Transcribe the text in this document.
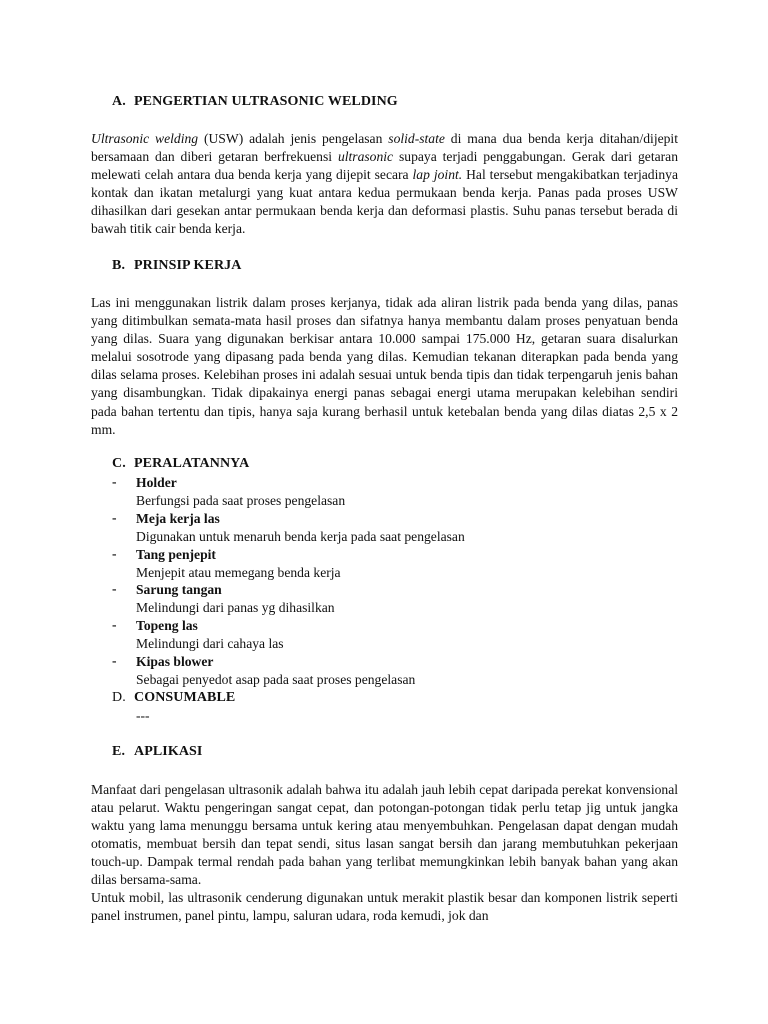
A. PENGERTIAN ULTRASONIC WELDING

Ultrasonic welding (USW) adalah jenis pengelasan solid-state di mana dua benda kerja ditahan/dijepit bersamaan dan diberi getaran berfrekuensi ultrasonic supaya terjadi penggabungan. Gerak dari getaran melewati celah antara dua benda kerja yang dijepit secara lap joint. Hal tersebut mengakibatkan terjadinya kontak dan ikatan metalurgi yang kuat antara kedua permukaan benda kerja. Panas pada proses USW dihasilkan dari gesekan antar permukaan benda kerja dan deformasi plastis. Suhu panas tersebut berada di bawah titik cair benda kerja.

B. PRINSIP KERJA

Las ini menggunakan listrik dalam proses kerjanya, tidak ada aliran listrik pada benda yang dilas, panas yang ditimbulkan semata-mata hasil proses dan sifatnya hanya membantu dalam proses penyatuan benda yang dilas. Suara yang digunakan berkisar antara 10.000 sampai 175.000 Hz, getaran suara disalurkan melalui sosotrode yang dipasang pada benda yang dilas. Kemudian tekanan diterapkan pada benda yang dilas selama proses. Kelebihan proses ini adalah sesuai untuk benda tipis dan tidak terpengaruh jenis bahan yang disambungkan. Tidak dipakainya energi panas sebagai energi utama merupakan kelebihan sendiri pada bahan tertentu dan tipis, hanya saja kurang berhasil untuk ketebalan benda yang dilas diatas 2,5 x 2 mm.

C. PERALATANNYA
- Holder
Berfungsi pada saat proses pengelasan
- Meja kerja las
Digunakan untuk menaruh benda kerja pada saat pengelasan
- Tang penjepit
Menjepit atau memegang benda kerja
- Sarung tangan
Melindungi dari panas yg dihasilkan
- Topeng las
Melindungi dari cahaya las
- Kipas blower
Sebagai penyedot asap pada saat proses pengelasan
D. CONSUMABLE
---
E. APLIKASI

Manfaat dari pengelasan ultrasonik adalah bahwa itu adalah jauh lebih cepat daripada perekat konvensional atau pelarut. Waktu pengeringan sangat cepat, dan potongan-potongan tidak perlu tetap jig untuk jangka waktu yang lama menunggu bersama untuk kering atau menyembuhkan. Pengelasan dapat dengan mudah otomatis, membuat bersih dan tepat sendi, situs lasan sangat bersih dan jarang membutuhkan pekerjaan touch-up. Dampak termal rendah pada bahan yang terlibat memungkinkan lebih banyak bahan yang akan dilas bersama-sama.

Untuk mobil, las ultrasonik cenderung digunakan untuk merakit plastik besar dan komponen listrik seperti panel instrumen, panel pintu, lampu, saluran udara, roda kemudi, jok dan
